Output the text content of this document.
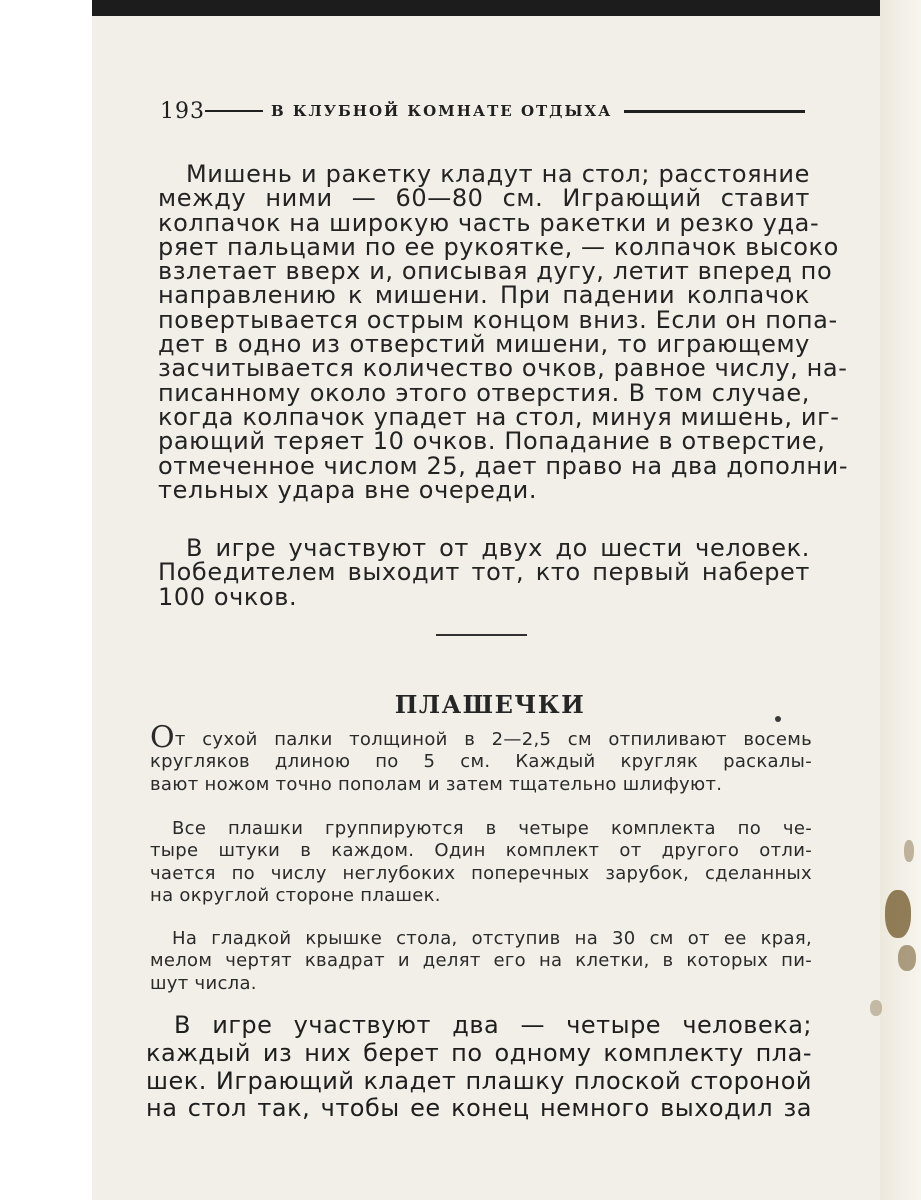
193	В КЛУБНОЙ КОМНАТЕ ОТДЫХА
Мишень и ракетку кладут на стол; расстояние
между ними — 60—80 см. Играющий ставит
колпачок на широкую часть ракетки и резко уда-
ряет пальцами по ее рукоятке, — колпачок высоко
взлетает вверх и, описывая дугу, летит вперед по
направлению к мишени. При падении колпачок
повертывается острым концом вниз. Если он попа-
дет в одно из отверстий мишени, то играющему
засчитывается количество очков, равное числу, на-
писанному около этого отверстия. В том случае,
когда колпачок упадет на стол, минуя мишень, иг-
рающий теряет 10 очков. Попадание в отверстие,
отмеченное числом 25, дает право на два дополни-
тельных удара вне очереди.
В игре участвуют от двух до шести человек.
Победителем выходит тот, кто первый наберет
100 очков.
ПЛАШЕЧКИ
От сухой палки толщиной в 2—2,5 см отпиливают восемь
кругляков длиною по 5 см. Каждый кругляк раскалы-
вают ножом точно пополам и затем тщательно шлифуют.
Все плашки группируются в четыре комплекта по че-
тыре штуки в каждом. Один комплект от другого отли-
чается по числу неглубоких поперечных зарубок, сделанных
на округлой стороне плашек.
На гладкой крышке стола, отступив на 30 см от ее края,
мелом чертят квадрат и делят его на клетки, в которых пи-
шут числа.
В игре участвуют два — четыре человека;
каждый из них берет по одному комплекту пла-
шек. Играющий кладет плашку плоской стороной
на стол так, чтобы ее конец немного выходил за
